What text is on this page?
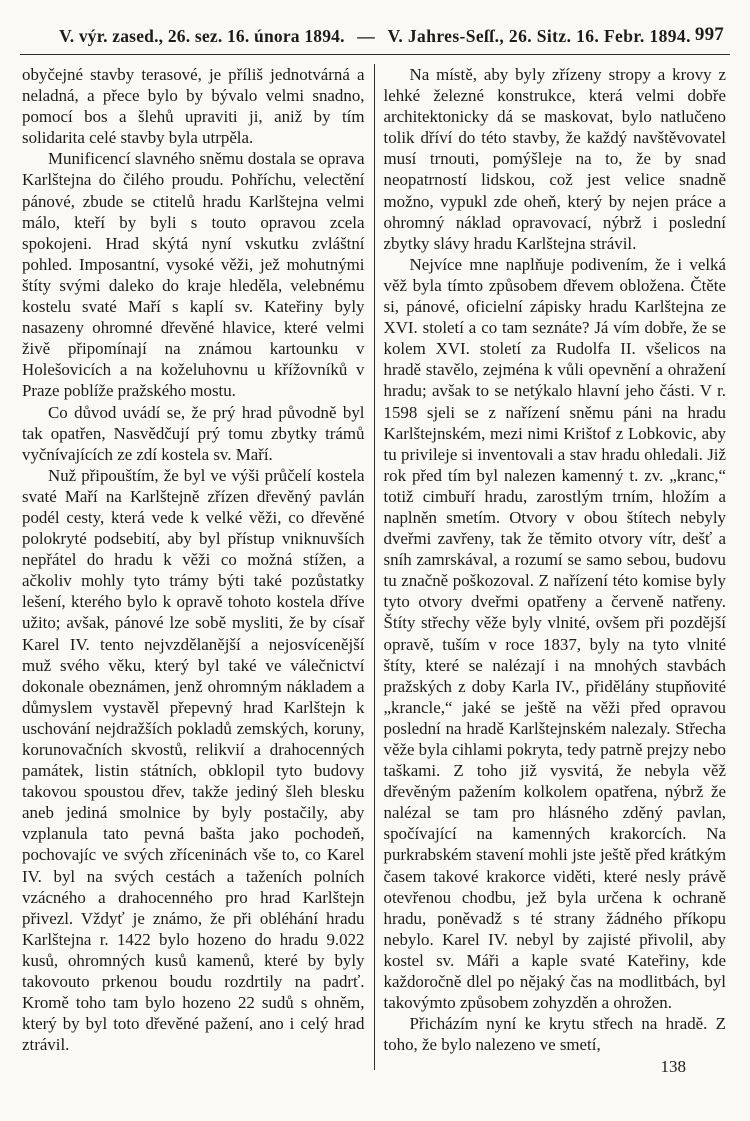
V. výr. zased., 26. sez. 16. února 1894. — V. Jahres-Seſſ., 26. Sitz. 16. Febr. 1894. 997

obyčejné stavby terasové, je příliš jednotvárná a neladná, a přece bylo by bývalo velmi snadno, pomocí bos a šlehů upraviti ji, aniž by tím solidarita celé stavby byla utrpěla.

Munificencí slavného sněmu dostala se oprava Karlštejna do čilého proudu. Pohříchu, velectění pánové, zbude se ctitelů hradu Karlštejna velmi málo, kteří by byli s touto opravou zcela spokojeni. Hrad skýtá nyní vskutku zvláštní pohled. Imposantní, vysoké věži, jež mohutnými štíty svými daleko do kraje hleděla, velebnému kostelu svaté Maří s kaplí sv. Kateřiny byly nasazeny ohromné dřevěné hlavice, které velmi živě připomínají na známou kartounku v Holešovicích a na koželuhovnu u křížovníků v Praze poblíže pražského mostu.

Co důvod uvádí se, že prý hrad původně byl tak opatřen, Nasvědčují prý tomu zbytky trámů vyčnívajících ze zdí kostela sv. Maří.

Nuž připouštím, že byl ve výši průčelí kostela svaté Maří na Karlštejně zřízen dřevěný pavlán podél cesty, která vede k velké věži, co dřevěné polokryté podsebití, aby byl přístup vniknuvších nepřátel do hradu k věži co možná stížen, a ačkoliv mohly tyto trámy býti také pozůstatky lešení, kterého bylo k opravě tohoto kostela dříve užito; avšak, pánové lze sobě mysliti, že by císař Karel IV. tento nejvzdělanější a nejosvícenější muž svého věku, který byl také ve válečnictví dokonale obeznámen, jenž ohromným nákladem a důmyslem vystavěl přepevný hrad Karlštejn k uschování nejdražších pokladů zemských, koruny, korunovačních skvostů, relikvií a drahocenných památek, listin státních, obklopil tyto budovy takovou spoustou dřev, takže jediný šleh blesku aneb jediná smolnice by byly postačily, aby vzplanula tato pevná bašta jako pochodeň, pochovajíc ve svých zříceninách vše to, co Karel IV. byl na svých cestách a taženích polních vzácného a drahocenného pro hrad Karlštejn přivezl. Vždyť je známo, že při obléhání hradu Karlštejna r. 1422 bylo hozeno do hradu 9.022 kusů, ohromných kusů kamenů, které by byly takovouto prkenou boudu rozdrtily na padrť. Kromě toho tam bylo hozeno 22 sudů s ohněm, který by byl toto dřevěné pažení, ano i celý hrad ztrávil.

Na místě, aby byly zřízeny stropy a krovy z lehké železné konstrukce, která velmi dobře architektonicky dá se maskovat, bylo natlučeno tolik dříví do této stavby, že každý navštěvovatel musí trnouti, pomýšleje na to, že by snad neopatrností lidskou, což jest velice snadně možno, vypukl zde oheň, který by nejen práce a ohromný náklad opravovací, nýbrž i poslední zbytky slávy hradu Karlštejna strávil.

Nejvíce mne naplňuje podivením, že i velká věž byla tímto způsobem dřevem obložena. Čtěte si, pánové, oficielní zápisky hradu Karlštejna ze XVI. století a co tam seznáte? Já vím dobře, že se kolem XVI. století za Rudolfa II. všelicos na hradě stavělo, zejména k vůli opevnění a ohražení hradu; avšak to se netýkalo hlavní jeho části. V r. 1598 sjeli se z nařízení sněmu páni na hradu Karlštejnském, mezi nimi Krištof z Lobkovic, aby tu privileje si inventovali a stav hradu ohledali. Již rok před tím byl nalezen kamenný t. zv. „kranc,“ totiž cimbuří hradu, zarostlým trním, hložím a naplněn smetím. Otvory v obou štítech nebyly dveřmi zavřeny, tak že těmito otvory vítr, dešť a sníh zamrskával, a rozumí se samo sebou, budovu tu značně poškozoval. Z nařízení této komise byly tyto otvory dveřmi opatřeny a červeně natřeny. Štíty střechy věže byly vlnité, ovšem při pozdější opravě, tuším v roce 1837, byly na tyto vlnité štíty, které se nalézají i na mnohých stavbách pražských z doby Karla IV., přidělány stupňovité „krancle,“ jaké se ještě na věži před opravou poslední na hradě Karlštejnském nalezaly. Střecha věže byla cihlami pokryta, tedy patrně prejzy nebo taškami. Z toho již vysvitá, že nebyla věž dřevěným pažením kolkolem opatřena, nýbrž že nalézal se tam pro hlásného zděný pavlan, spočívající na kamenných krakorcích. Na purkrabském stavení mohli jste ještě před krátkým časem takové krakorce viděti, které nesly právě otevřenou chodbu, jež byla určena k ochraně hradu, poněvadž s té strany žádného příkopu nebylo. Karel IV. nebyl by zajisté přivolil, aby kostel sv. Máři a kaple svaté Kateřiny, kde každoročně dlel po nějaký čas na modlitbách, byl takovýmto způsobem zohyzděn a ohrožen.

Přicházím nyní ke krytu střech na hradě. Z toho, že bylo nalezeno ve smetí,

138
